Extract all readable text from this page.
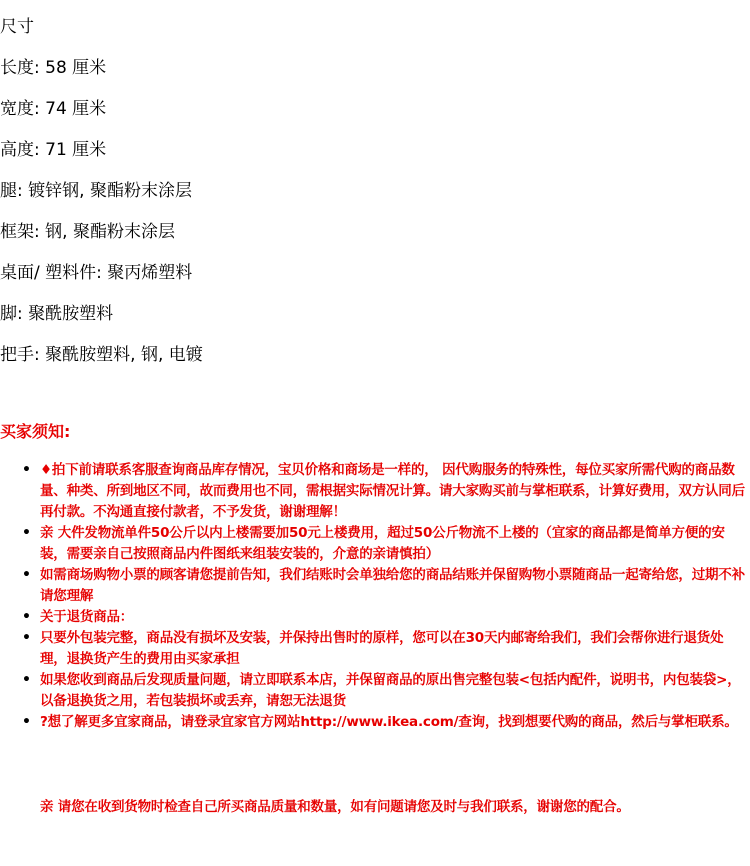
尺寸

长度: 58 厘米

宽度: 74 厘米

高度: 71 厘米

腿: 镀锌钢, 聚酯粉末涂层

框架: 钢, 聚酯粉末涂层

桌面/ 塑料件: 聚丙烯塑料

脚: 聚酰胺塑料

把手: 聚酰胺塑料, 钢, 电镀

买家须知:

• ♦拍下前请联系客服查询商品库存情况，宝贝价格和商场是一样的， 因代购服务的特殊性，每位买家所需代购的商品数量、种类、所到地区不同，故而费用也不同，需根据实际情况计算。请大家购买前与掌柜联系，计算好费用，双方认同后再付款。不沟通直接付款者，不予发货，谢谢理解！
• 亲 大件发物流单件50公斤以内上楼需要加50元上楼费用，超过50公斤物流不上楼的（宜家的商品都是简单方便的安装，需要亲自己按照商品内件图纸来组装安装的，介意的亲请慎拍）
• 如需商场购物小票的顾客请您提前告知，我们结账时会单独给您的商品结账并保留购物小票随商品一起寄给您，过期不补请您理解
• 关于退货商品：
• 只要外包装完整，商品没有损坏及安装，并保持出售时的原样，您可以在30天内邮寄给我们，我们会帮你进行退货处理，退换货产生的费用由买家承担
• 如果您收到商品后发现质量问题，请立即联系本店，并保留商品的原出售完整包装<包括内配件，说明书，内包装袋>，以备退换货之用，若包装损坏或丢弃，请恕无法退货
• ?想了解更多宜家商品，请登录宜家官方网站http://www.ikea.com/查询，找到想要代购的商品，然后与掌柜联系。

亲 请您在收到货物时检查自己所买商品质量和数量，如有问题请您及时与我们联系，谢谢您的配合。
